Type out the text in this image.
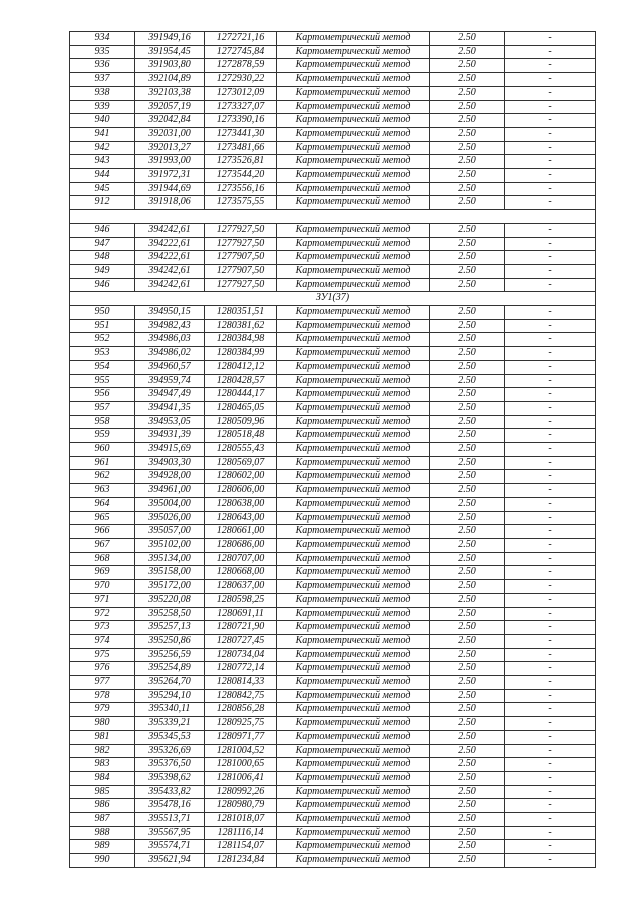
934	391949,16	1272721,16	Картометрический метод	2.50	-
935	391954,45	1272745,84	Картометрический метод	2.50	-
936	391903,80	1272878,59	Картометрический метод	2.50	-
937	392104,89	1272930,22	Картометрический метод	2.50	-
938	392103,38	1273012,09	Картометрический метод	2.50	-
939	392057,19	1273327,07	Картометрический метод	2.50	-
940	392042,84	1273390,16	Картометрический метод	2.50	-
941	392031,00	1273441,30	Картометрический метод	2.50	-
942	392013,27	1273481,66	Картометрический метод	2.50	-
943	391993,00	1273526,81	Картометрический метод	2.50	-
944	391972,31	1273544,20	Картометрический метод	2.50	-
945	391944,69	1273556,16	Картометрический метод	2.50	-
912	391918,06	1273575,55	Картометрический метод	2.50	-

946	394242,61	1277927,50	Картометрический метод	2.50	-
947	394222,61	1277927,50	Картометрический метод	2.50	-
948	394222,61	1277907,50	Картометрический метод	2.50	-
949	394242,61	1277907,50	Картометрический метод	2.50	-
946	394242,61	1277927,50	Картометрический метод	2.50	-
ЗУ1(37)					
950	394950,15	1280351,51	Картометрический метод	2.50	-
951	394982,43	1280381,62	Картометрический метод	2.50	-
952	394986,03	1280384,98	Картометрический метод	2.50	-
953	394986,02	1280384,99	Картометрический метод	2.50	-
954	394960,57	1280412,12	Картометрический метод	2.50	-
955	394959,74	1280428,57	Картометрический метод	2.50	-
956	394947,49	1280444,17	Картометрический метод	2.50	-
957	394941,35	1280465,05	Картометрический метод	2.50	-
958	394953,05	1280509,96	Картометрический метод	2.50	-
959	394931,39	1280518,48	Картометрический метод	2.50	-
960	394915,69	1280555,43	Картометрический метод	2.50	-
961	394903,30	1280569,07	Картометрический метод	2.50	-
962	394928,00	1280602,00	Картометрический метод	2.50	-
963	394961,00	1280606,00	Картометрический метод	2.50	-
964	395004,00	1280638,00	Картометрический метод	2.50	-
965	395026,00	1280643,00	Картометрический метод	2.50	-
966	395057,00	1280661,00	Картометрический метод	2.50	-
967	395102,00	1280686,00	Картометрический метод	2.50	-
968	395134,00	1280707,00	Картометрический метод	2.50	-
969	395158,00	1280668,00	Картометрический метод	2.50	-
970	395172,00	1280637,00	Картометрический метод	2.50	-
971	395220,08	1280598,25	Картометрический метод	2.50	-
972	395258,50	1280691,11	Картометрический метод	2.50	-
973	395257,13	1280721,90	Картометрический метод	2.50	-
974	395250,86	1280727,45	Картометрический метод	2.50	-
975	395256,59	1280734,04	Картометрический метод	2.50	-
976	395254,89	1280772,14	Картометрический метод	2.50	-
977	395264,70	1280814,33	Картометрический метод	2.50	-
978	395294,10	1280842,75	Картометрический метод	2.50	-
979	395340,11	1280856,28	Картометрический метод	2.50	-
980	395339,21	1280925,75	Картометрический метод	2.50	-
981	395345,53	1280971,77	Картометрический метод	2.50	-
982	395326,69	1281004,52	Картометрический метод	2.50	-
983	395376,50	1281000,65	Картометрический метод	2.50	-
984	395398,62	1281006,41	Картометрический метод	2.50	-
985	395433,82	1280992,26	Картометрический метод	2.50	-
986	395478,16	1280980,79	Картометрический метод	2.50	-
987	395513,71	1281018,07	Картометрический метод	2.50	-
988	395567,95	1281116,14	Картометрический метод	2.50	-
989	395574,71	1281154,07	Картометрический метод	2.50	-
990	395621,94	1281234,84	Картометрический метод	2.50	-
